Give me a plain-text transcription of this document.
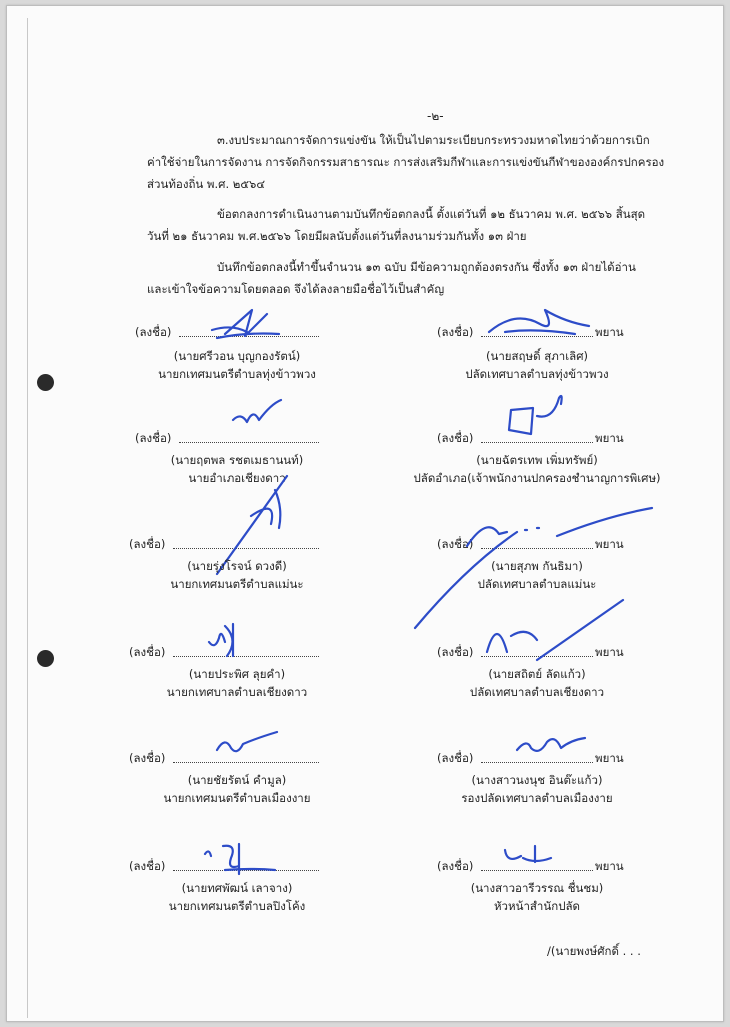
-๒-
๓.งบประมาณการจัดการแข่งขัน ให้เป็นไปตามระเบียบกระทรวงมหาดไทยว่าด้วยการเบิก
ค่าใช้จ่ายในการจัดงาน การจัดกิจกรรมสาธารณะ การส่งเสริมกีฬาและการแข่งขันกีฬาขององค์กรปกครอง
ส่วนท้องถิ่น พ.ศ. ๒๕๖๔
ข้อตกลงการดำเนินงานตามบันทึกข้อตกลงนี้ ตั้งแต่วันที่ ๑๒ ธันวาคม พ.ศ. ๒๕๖๖ สิ้นสุด
วันที่ ๒๑ ธันวาคม พ.ศ.๒๕๖๖ โดยมีผลนับตั้งแต่วันที่ลงนามร่วมกันทั้ง ๑๓ ฝ่าย
บันทึกข้อตกลงนี้ทำขึ้นจำนวน ๑๓ ฉบับ มีข้อความถูกต้องตรงกัน ซึ่งทั้ง ๑๓ ฝ่ายได้อ่าน
และเข้าใจข้อความโดยตลอด จึงได้ลงลายมือชื่อไว้เป็นสำคัญ
(ลงชื่อ)
(นายศรีวอน บุญกองรัตน์)
นายกเทศมนตรีตำบลทุ่งข้าวพวง
(ลงชื่อ)	พยาน
(นายสฤษดิ์ สุภาเลิศ)
ปลัดเทศบาลตำบลทุ่งข้าวพวง
(ลงชื่อ)
(นายฤตพล รชตเมธานนท์)
นายอำเภอเชียงดาว
(ลงชื่อ)	พยาน
(นายฉัตรเทพ เพิ่มทรัพย์)
ปลัดอำเภอ(เจ้าพนักงานปกครองชำนาญการพิเศษ)
(ลงชื่อ)
(นายรุ่งโรจน์ ดวงดี)
นายกเทศมนตรีตำบลแม่นะ
(ลงชื่อ)	พยาน
(นายสุภพ กันธิมา)
ปลัดเทศบาลตำบลแม่นะ
(ลงชื่อ)
(นายประพิศ ลุยคำ)
นายกเทศบาลตำบลเชียงดาว
(ลงชื่อ)	พยาน
(นายสถิตย์ ลัดแก้ว)
ปลัดเทศบาลตำบลเชียงดาว
(ลงชื่อ)
(นายชัยรัตน์ คำมูล)
นายกเทศมนตรีตำบลเมืองงาย
(ลงชื่อ)	พยาน
(นางสาวนงนุช อินต๊ะแก้ว)
รองปลัดเทศบาลตำบลเมืองงาย
(ลงชื่อ)
(นายทศพัฒน์ เลาจาง)
นายกเทศมนตรีตำบลปิงโค้ง
(ลงชื่อ)	พยาน
(นางสาวอารีวรรณ ชื่นชม)
หัวหน้าสำนักปลัด
/(นายพงษ์ศักดิ์ . . .
